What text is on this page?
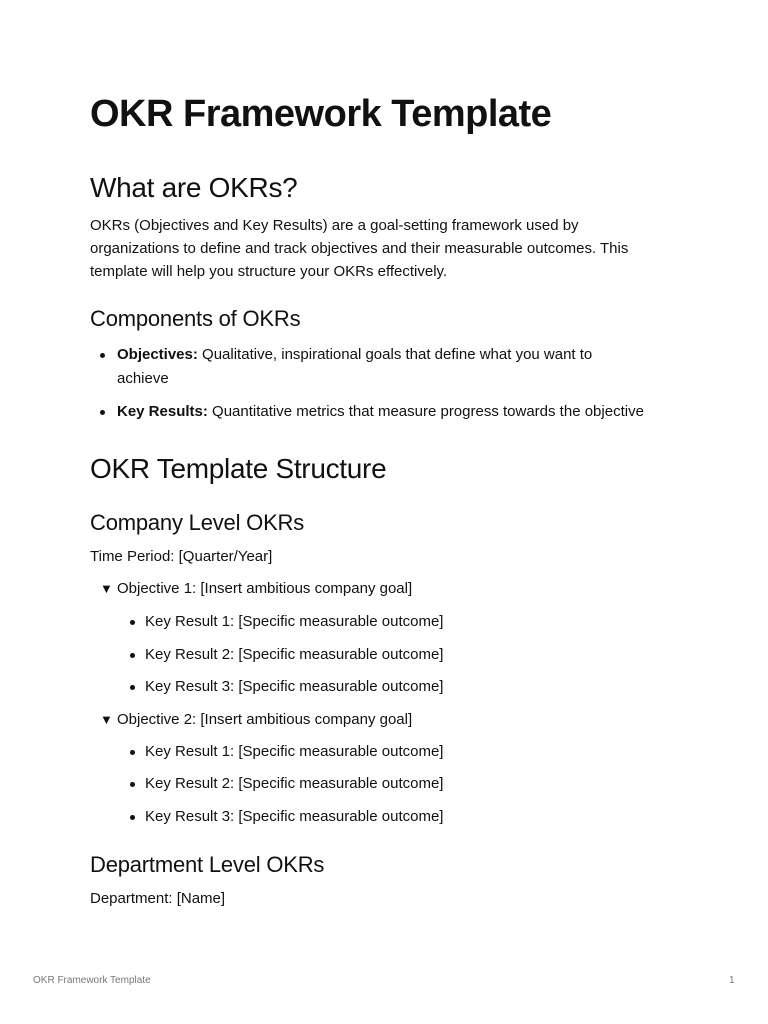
OKR Framework Template
What are OKRs?
OKRs (Objectives and Key Results) are a goal-setting framework used by
organizations to define and track objectives and their measurable outcomes. This
template will help you structure your OKRs effectively.
Components of OKRs
Objectives: Qualitative, inspirational goals that define what you want to
achieve
Key Results: Quantitative metrics that measure progress towards the objective
OKR Template Structure
Company Level OKRs
Time Period: [Quarter/Year]
▼ Objective 1: [Insert ambitious company goal]
Key Result 1: [Specific measurable outcome]
Key Result 2: [Specific measurable outcome]
Key Result 3: [Specific measurable outcome]
▼ Objective 2: [Insert ambitious company goal]
Key Result 1: [Specific measurable outcome]
Key Result 2: [Specific measurable outcome]
Key Result 3: [Specific measurable outcome]
Department Level OKRs
Department: [Name]
OKR Framework Template	1
